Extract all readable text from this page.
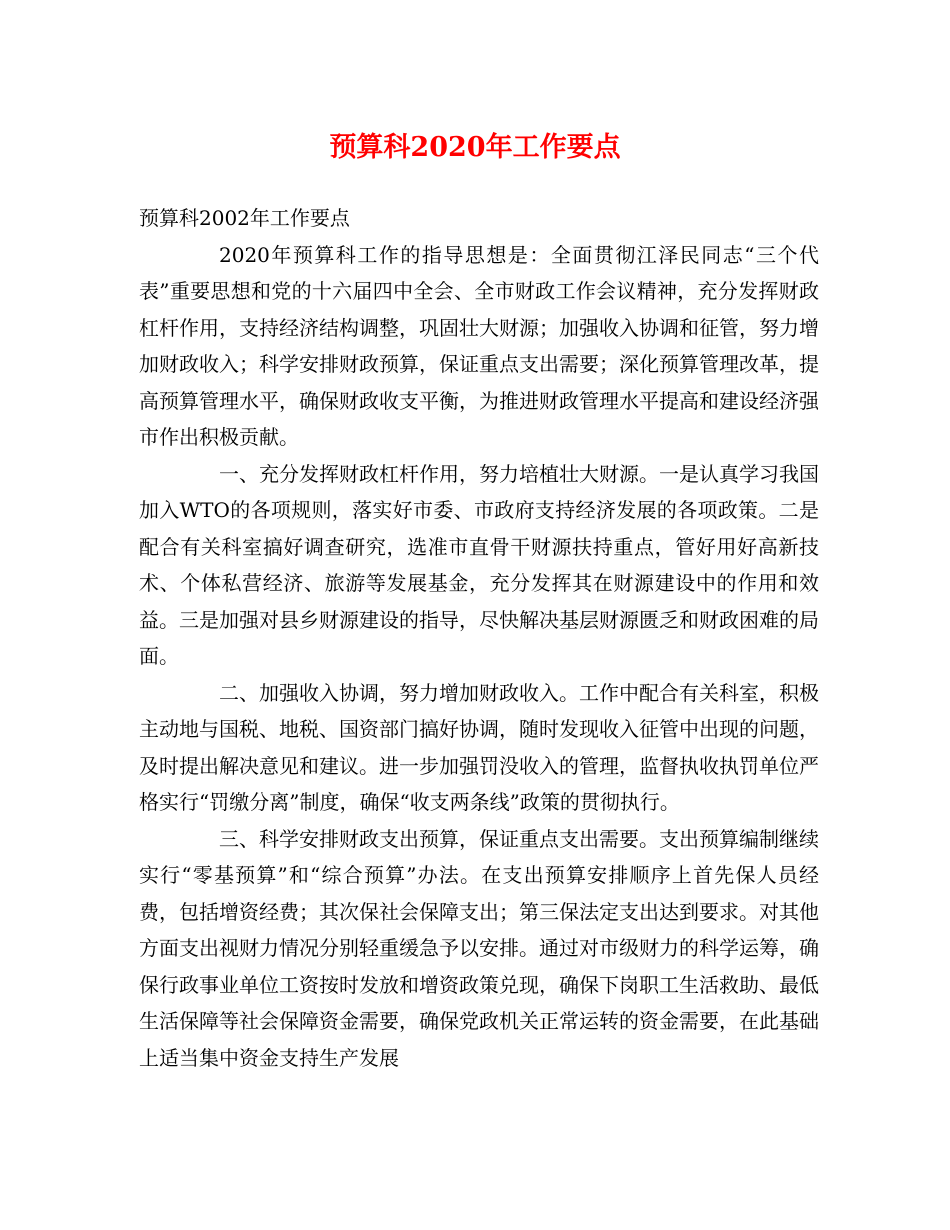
预算科2020年工作要点

预算科2002年工作要点

2020年预算科工作的指导思想是：全面贯彻江泽民同志“三个代表”重要思想和党的十六届四中全会、全市财政工作会议精神，充分发挥财政杠杆作用，支持经济结构调整，巩固壮大财源；加强收入协调和征管，努力增加财政收入；科学安排财政预算，保证重点支出需要；深化预算管理改革，提高预算管理水平，确保财政收支平衡，为推进财政管理水平提高和建设经济强市作出积极贡献。

一、充分发挥财政杠杆作用，努力培植壮大财源。一是认真学习我国加入WTO的各项规则，落实好市委、市政府支持经济发展的各项政策。二是配合有关科室搞好调查研究，选准市直骨干财源扶持重点，管好用好高新技术、个体私营经济、旅游等发展基金，充分发挥其在财源建设中的作用和效益。三是加强对县乡财源建设的指导，尽快解决基层财源匮乏和财政困难的局面。

二、加强收入协调，努力增加财政收入。工作中配合有关科室，积极主动地与国税、地税、国资部门搞好协调，随时发现收入征管中出现的问题，及时提出解决意见和建议。进一步加强罚没收入的管理，监督执收执罚单位严格实行“罚缴分离”制度，确保“收支两条线”政策的贯彻执行。

三、科学安排财政支出预算，保证重点支出需要。支出预算编制继续实行“零基预算”和“综合预算”办法。在支出预算安排顺序上首先保人员经费，包括增资经费；其次保社会保障支出；第三保法定支出达到要求。对其他方面支出视财力情况分别轻重缓急予以安排。通过对市级财力的科学运筹，确保行政事业单位工资按时发放和增资政策兑现，确保下岗职工生活救助、最低生活保障等社会保障资金需要，确保党政机关正常运转的资金需要，在此基础上适当集中资金支持生产发展
